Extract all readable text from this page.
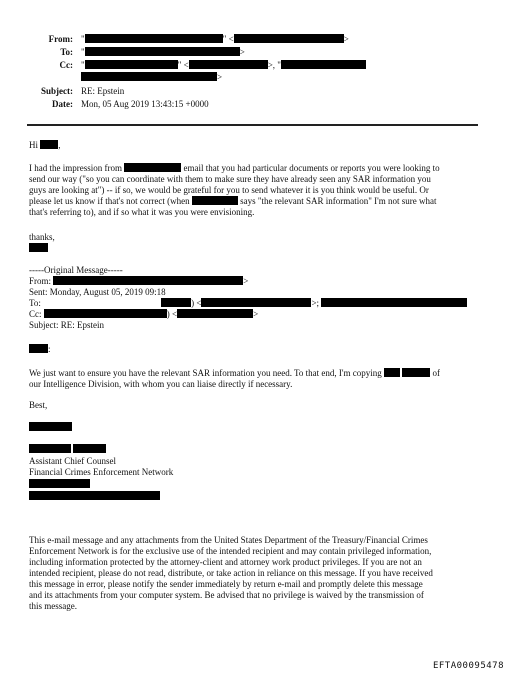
From: "	" <	>
To: "	>
Cc: "	" <	>, "
>
Subject: RE: Epstein
Date: Mon, 05 Aug 2019 13:43:15 +0000
Hi ,
I had the impression from	email that you had particular documents or reports you were looking to
send our way ("so you can coordinate with them to make sure they have already seen any SAR information you
guys are looking at") -- if so, we would be grateful for you to send whatever it is you think would be useful. Or
please let us know if that's not correct (when	says "the relevant SAR information" I'm not sure what
that's referring to), and if so what it was you were envisioning.
thanks,
-----Original Message-----
From:	>
Sent: Monday, August 05, 2019 09:18
To:	) <	>;
Cc:	) <	>
Subject: RE: Epstein
:
We just want to ensure you have the relevant SAR information you need. To that end, I'm copying	of
our Intelligence Division, with whom you can liaise directly if necessary.
Best,

Assistant Chief Counsel
Financial Crimes Enforcement Network
This e-mail message and any attachments from the United States Department of the Treasury/Financial Crimes
Enforcement Network is for the exclusive use of the intended recipient and may contain privileged information,
including information protected by the attorney-client and attorney work product privileges. If you are not an
intended recipient, please do not read, distribute, or take action in reliance on this message. If you have received
this message in error, please notify the sender immediately by return e-mail and promptly delete this message
and its attachments from your computer system. Be advised that no privilege is waived by the transmission of
this message.
EFTA00095478
